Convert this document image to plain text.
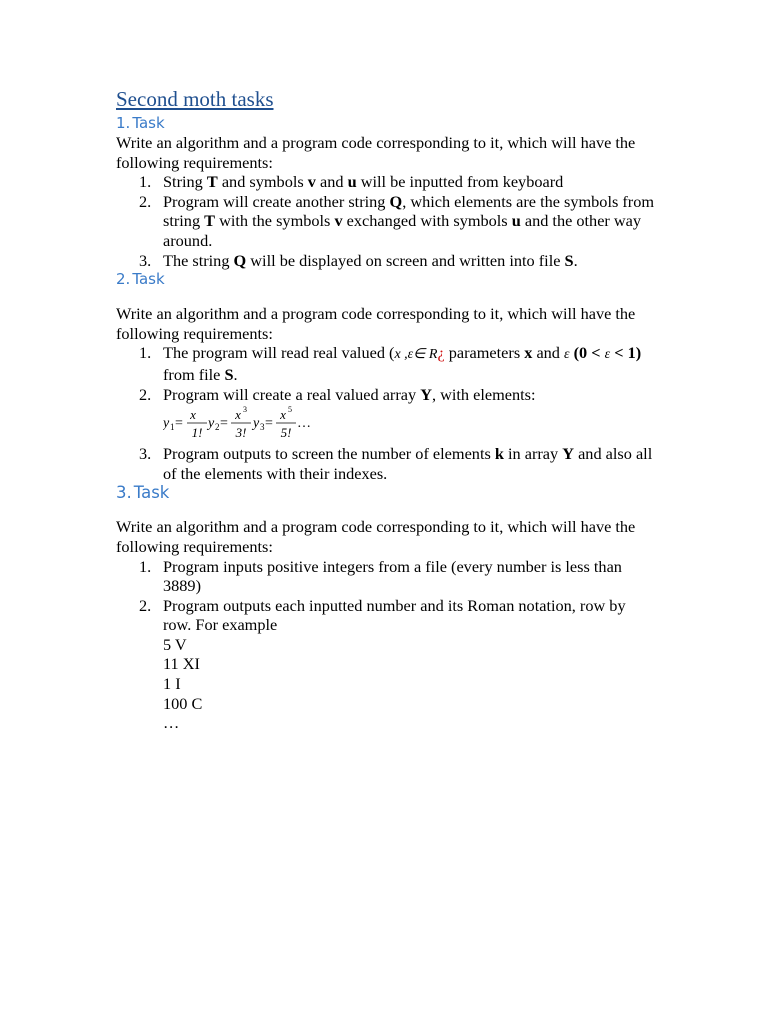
Second moth tasks
1. Task

Write an algorithm and a program code corresponding to it, which will have the following requirements:

1. String T and symbols v and u will be inputted from keyboard
2. Program will create another string Q, which elements are the symbols from string T with the symbols v exchanged with symbols u and the other way around.
3. The string Q will be displayed on screen and written into file S.
2. Task

Write an algorithm and a program code corresponding to it, which will have the following requirements:

1. The program will read real valued (x ,ε∈ R¿ parameters x and ε (0 < ε < 1) from file S.
2. Program will create a real valued array Y, with elements:
y 1 =
x
1!
y 2 =
x 3
3!
y 3 =
x 5
5!
…
3. Program outputs to screen the number of elements k in array Y and also all of the elements with their indexes.
3. Task

Write an algorithm and a program code corresponding to it, which will have the following requirements:

1. Program inputs positive integers from a file (every number is less than 3889)
2. Program outputs each inputted number and its Roman notation, row by row. For example
5 V
11 XI
1 I
100 C
…
